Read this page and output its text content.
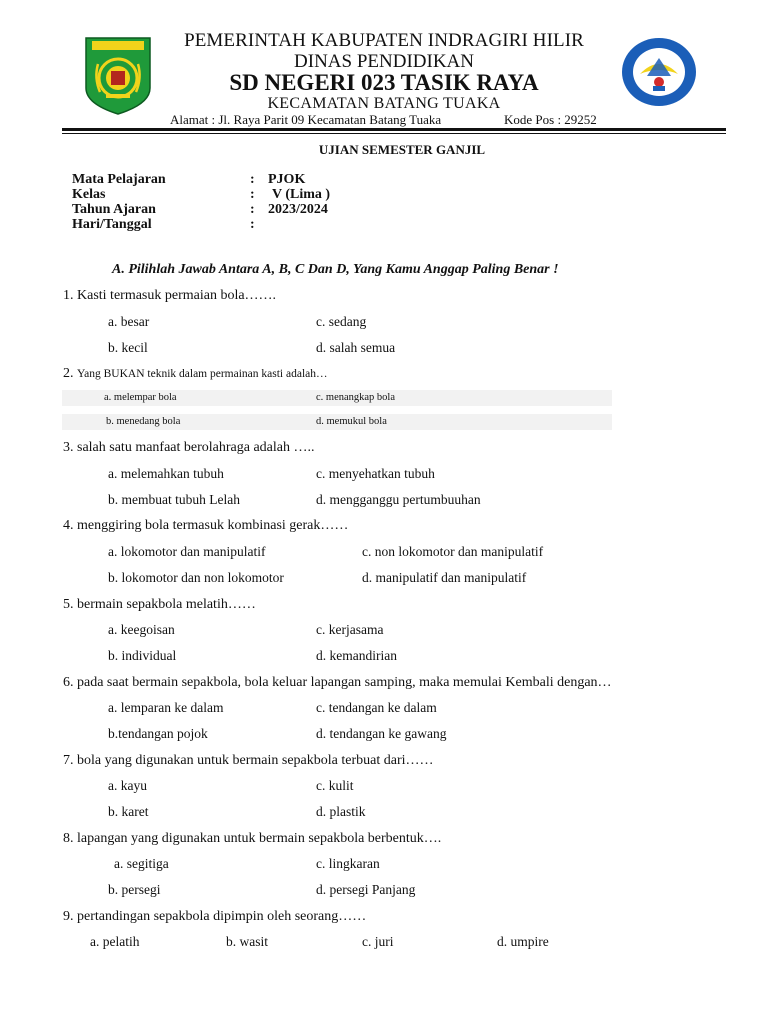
PEMERINTAH KABUPATEN INDRAGIRI HILIR
DINAS PENDIDIKAN
SD NEGERI 023 TASIK RAYA
KECAMATAN BATANG TUAKA
Alamat : Jl. Raya Parit 09 Kecamatan Batang Tuaka	Kode Pos : 29252
UJIAN SEMESTER GANJIL
Mata Pelajaran	: PJOK
Kelas	: V (Lima )
Tahun Ajaran	: 2023/2024
Hari/Tanggal	:
A. Pilihlah Jawab Antara A, B, C Dan D, Yang Kamu Anggap Paling Benar !
1. Kasti termasuk permaian bola…….
a. besar	c. sedang
b. kecil	d. salah semua
2. Yang BUKAN teknik dalam permainan kasti adalah…
a. melempar bola	c. menangkap bola
b. menedang bola	d. memukul bola
3. salah satu manfaat berolahraga adalah …..
a. melemahkan tubuh	c. menyehatkan tubuh
b. membuat tubuh Lelah	d. mengganggu pertumbuuhan
4. menggiring bola termasuk kombinasi gerak……
a. lokomotor dan manipulatif	c. non lokomotor dan manipulatif
b. lokomotor dan non lokomotor	d. manipulatif dan manipulatif
5. bermain sepakbola melatih……
a. keegoisan	c. kerjasama
b. individual	d. kemandirian
6. pada saat bermain sepakbola, bola keluar lapangan samping, maka memulai Kembali dengan…
a. lemparan ke dalam	c. tendangan ke dalam
b.tendangan pojok	d. tendangan ke gawang
7. bola yang digunakan untuk bermain sepakbola terbuat dari……
a. kayu	c. kulit
b. karet	d. plastik
8. lapangan yang digunakan untuk bermain sepakbola berbentuk….
a. segitiga	c. lingkaran
b. persegi	d. persegi Panjang
9. pertandingan sepakbola dipimpin oleh seorang……
a. pelatih	b. wasit	c. juri	d. umpire
